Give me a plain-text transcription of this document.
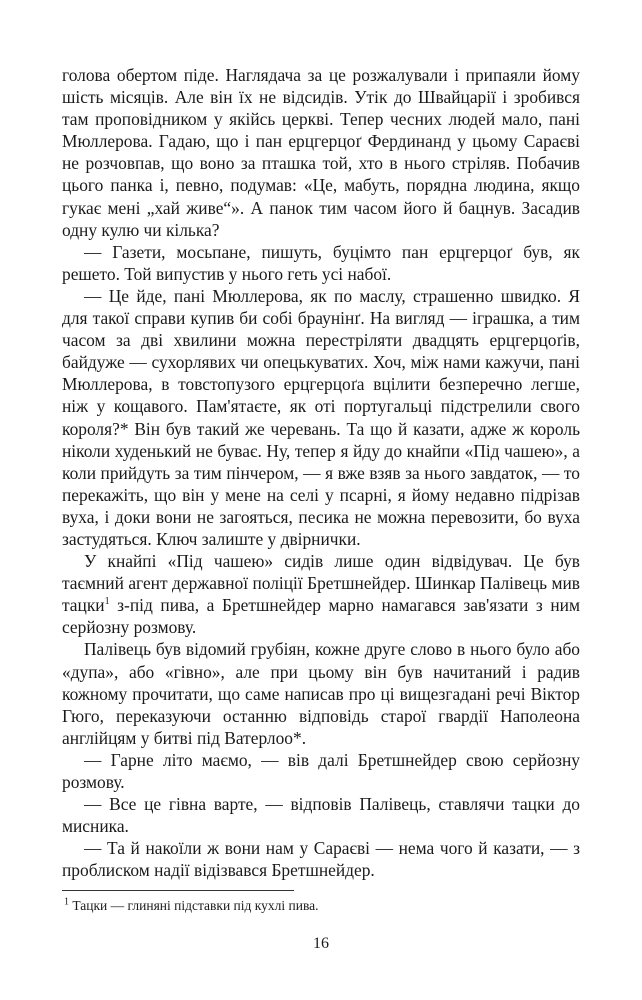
голова обертом піде. Наглядача за це розжалували і припаяли йому шість місяців. Але він їх не відсидів. Утік до Швайцарії і зробився там проповідником у якійсь церкві. Тепер чесних людей мало, пані Мюллерова. Гадаю, що і пан ерцгерцоґ Фердинанд у цьому Сараєві не розчовпав, що воно за пташка той, хто в нього стріляв. Побачив цього панка і, певно, подумав: «Це, мабуть, порядна людина, якщо гукає мені „хай живе“». А панок тим часом його й бацнув. Засадив одну кулю чи кілька?

— Газети, мосьпане, пишуть, буцімто пан ерцгерцоґ був, як решето. Той випустив у нього геть усі набої.

— Це йде, пані Мюллерова, як по маслу, страшенно швидко. Я для такої справи купив би собі браунінґ. На вигляд — іграшка, а тим часом за дві хвилини можна перестріляти двадцять ерцгерцоґів, байдуже — сухорлявих чи опецькуватих. Хоч, між нами кажучи, пані Мюллерова, в товстопузого ерцгерцоґа вцілити безперечно легше, ніж у кощавого. Пам'ятаєте, як оті португальці підстрелили свого короля?* Він був такий же черевань. Та що й казати, адже ж король ніколи худенький не буває. Ну, тепер я йду до кнайпи «Під чашею», а коли прийдуть за тим пінчером, — я вже взяв за нього завдаток, — то перекажіть, що він у мене на селі у псарні, я йому недавно підрізав вуха, і доки вони не загояться, песика не можна перевозити, бо вуха застудяться. Ключ залиште у двірнички.

У кнайпі «Під чашею» сидів лише один відвідувач. Це був таємний агент державної поліції Бретшнейдер. Шинкар Палівець мив тацки$^1$ з-під пива, а Бретшнейдер марно намагався зав'язати з ним серйозну розмову.

Палівець був відомий грубіян, кожне друге слово в нього було або «дупа», або «гівно», але при цьому він був начитаний і радив кожному прочитати, що саме написав про ці вищезгадані речі Віктор Гюго, переказуючи останню відповідь старої гвардії Наполеона англійцям у битві під Ватерлоо*.

— Гарне літо маємо, — вів далі Бретшнейдер свою серйозну розмову.

— Все це гівна варте, — відповів Палівець, ставлячи тацки до мисника.

— Та й накоїли ж вони нам у Сараєві — нема чого й казати, — з проблиском надії відізвався Бретшнейдер.

$^1$ Тацки — глиняні підставки під кухлі пива.
16
